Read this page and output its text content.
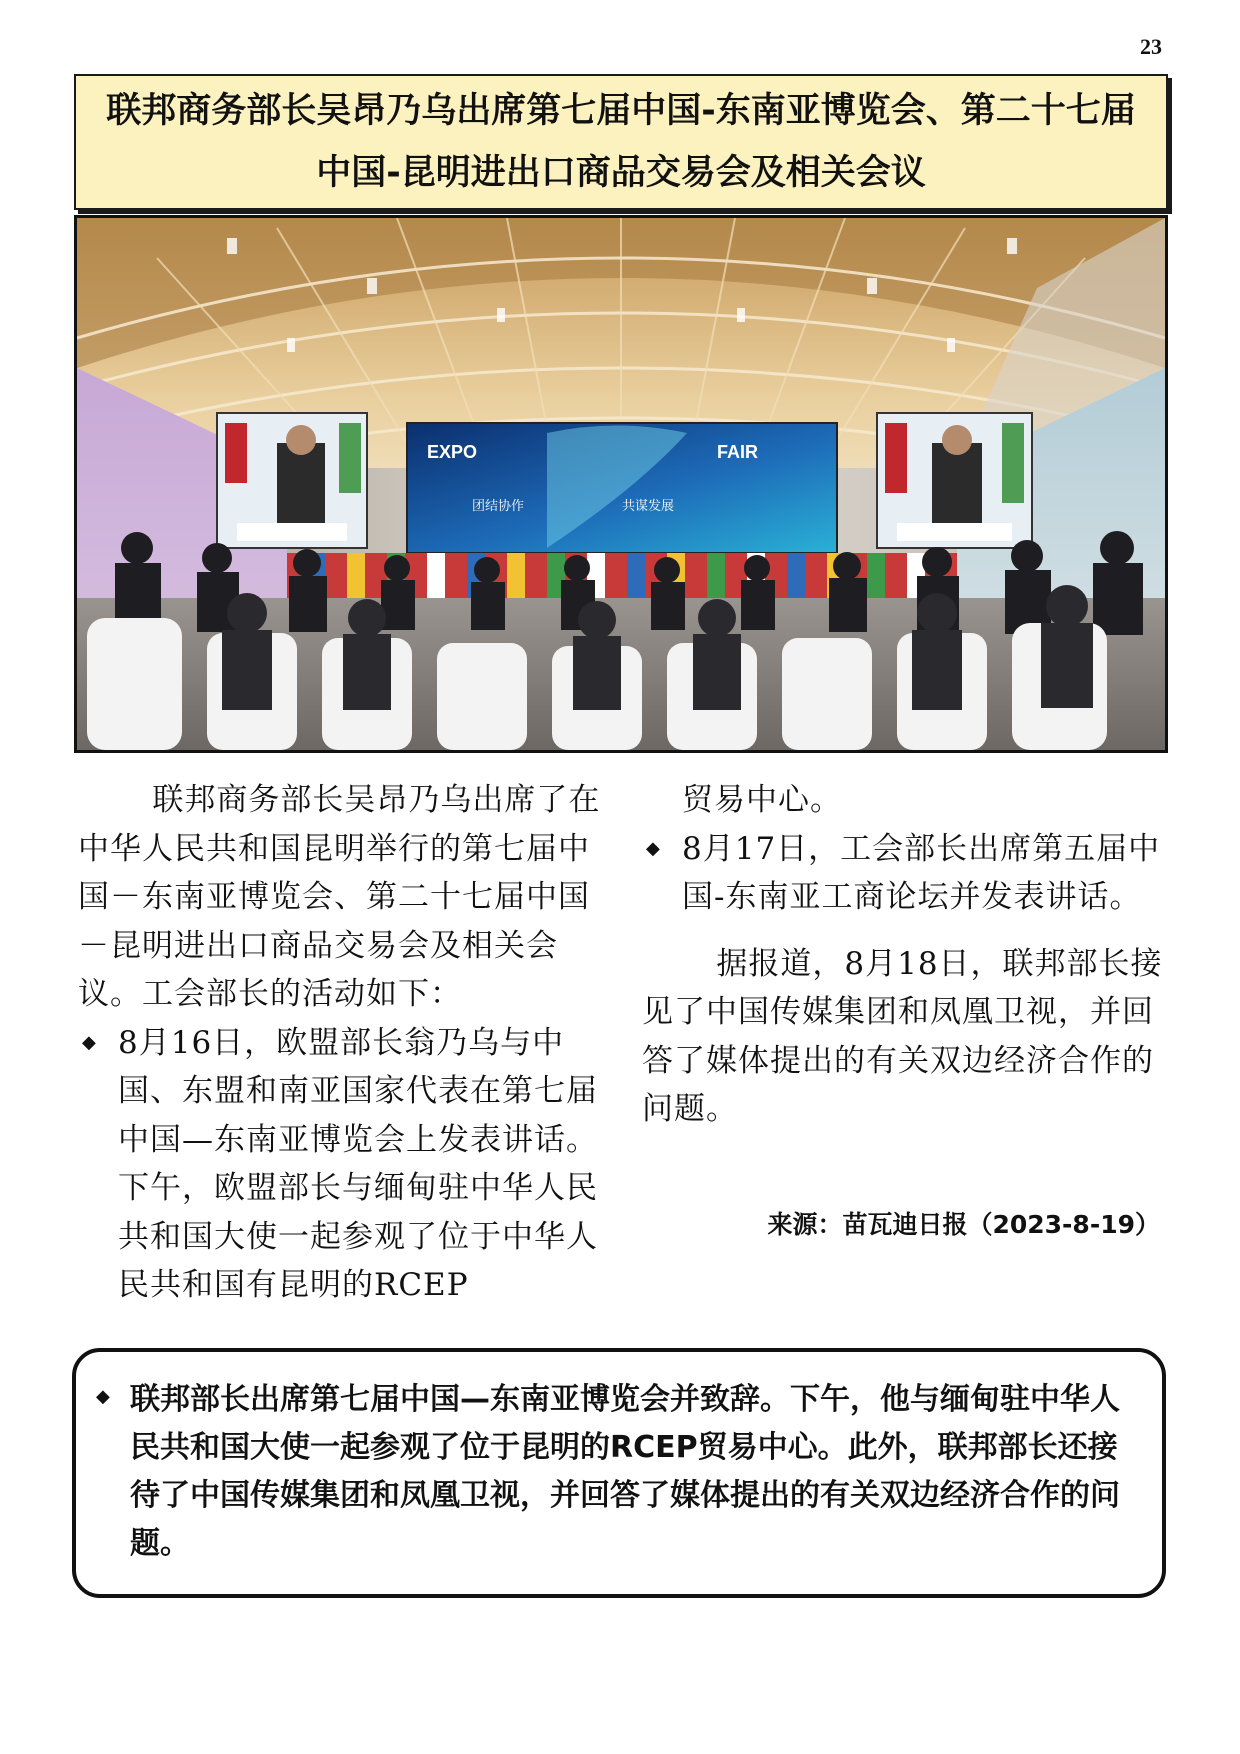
23
联邦商务部长吴昂乃乌出席第七届中国-东南亚博览会、第二十七届中国-昆明进出口商品交易会及相关会议
EXPO	FAIR
团结协作	共谋发展

联邦商务部长吴昂乃乌出席了在中华人民共和国昆明举行的第七届中国－东南亚博览会、第二十七届中国－昆明进出口商品交易会及相关会议。工会部长的活动如下：

◆ 8月16日，欧盟部长翁乃乌与中国、东盟和南亚国家代表在第七届中国—东南亚博览会上发表讲话。下午，欧盟部长与缅甸驻中华人民共和国大使一起参观了位于中华人民共和国有昆明的RCEP

贸易中心。

◆ 8月17日，工会部长出席第五届中国-东南亚工商论坛并发表讲话。

据报道，8月18日，联邦部长接见了中国传媒集团和凤凰卫视，并回答了媒体提出的有关双边经济合作的问题。

来源：苗瓦迪日报（2023-8-19）
◆ 联邦部长出席第七届中国—东南亚博览会并致辞。下午，他与缅甸驻中华人民共和国大使一起参观了位于昆明的RCEP贸易中心。此外，联邦部长还接待了中国传媒集团和凤凰卫视，并回答了媒体提出的有关双边经济合作的问题。
